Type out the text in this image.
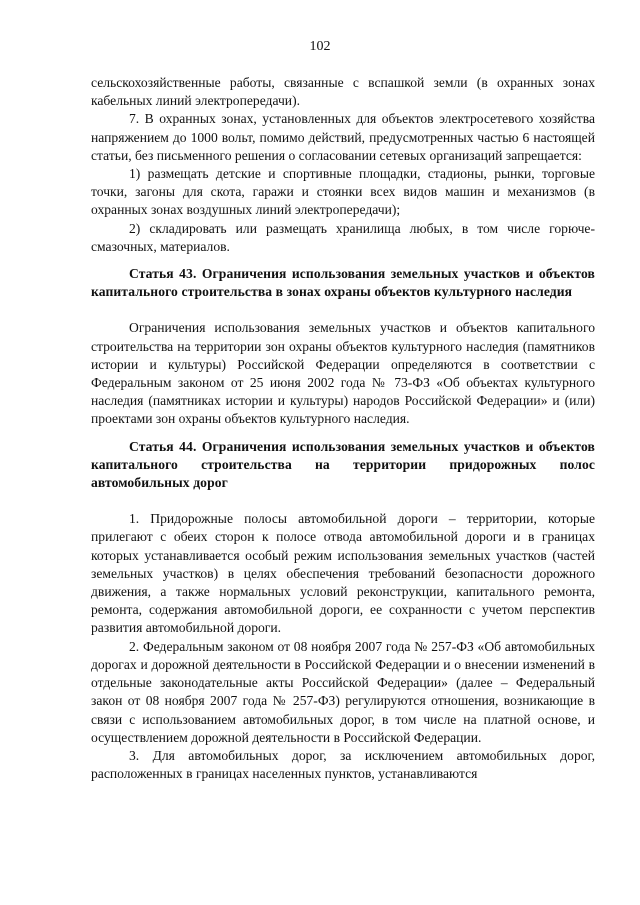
102

сельскохозяйственные работы, связанные с вспашкой земли (в охранных зонах кабельных линий электропередачи).

7. В охранных зонах, установленных для объектов электросетевого хозяйства напряжением до 1000 вольт, помимо действий, предусмотренных частью 6 настоящей статьи, без письменного решения о согласовании сетевых организаций запрещается:

1) размещать детские и спортивные площадки, стадионы, рынки, торговые точки, загоны для скота, гаражи и стоянки всех видов машин и механизмов (в охранных зонах воздушных линий электропередачи);

2) складировать или размещать хранилища любых, в том числе горюче-смазочных, материалов.

Статья 43. Ограничения использования земельных участков и объектов капитального строительства в зонах охраны объектов культурного наследия

Ограничения использования земельных участков и объектов капитального строительства на территории зон охраны объектов культурного наследия (памятников истории и культуры) Российской Федерации определяются в соответствии с Федеральным законом от 25 июня 2002 года № 73-ФЗ «Об объектах культурного наследия (памятниках истории и культуры) народов Российской Федерации» и (или) проектами зон охраны объектов культурного наследия.

Статья 44. Ограничения использования земельных участков и объектов капитального строительства на территории придорожных полос автомобильных дорог

1. Придорожные полосы автомобильной дороги – территории, которые прилегают с обеих сторон к полосе отвода автомобильной дороги и в границах которых устанавливается особый режим использования земельных участков (частей земельных участков) в целях обеспечения требований безопасности дорожного движения, а также нормальных условий реконструкции, капитального ремонта, ремонта, содержания автомобильной дороги, ее сохранности с учетом перспектив развития автомобильной дороги.

2. Федеральным законом от 08 ноября 2007 года № 257-ФЗ «Об автомобильных дорогах и дорожной деятельности в Российской Федерации и о внесении изменений в отдельные законодательные акты Российской Федерации» (далее – Федеральный закон от 08 ноября 2007 года № 257-ФЗ) регулируются отношения, возникающие в связи с использованием автомобильных дорог, в том числе на платной основе, и осуществлением дорожной деятельности в Российской Федерации.

3. Для автомобильных дорог, за исключением автомобильных дорог, расположенных в границах населенных пунктов, устанавливаются
